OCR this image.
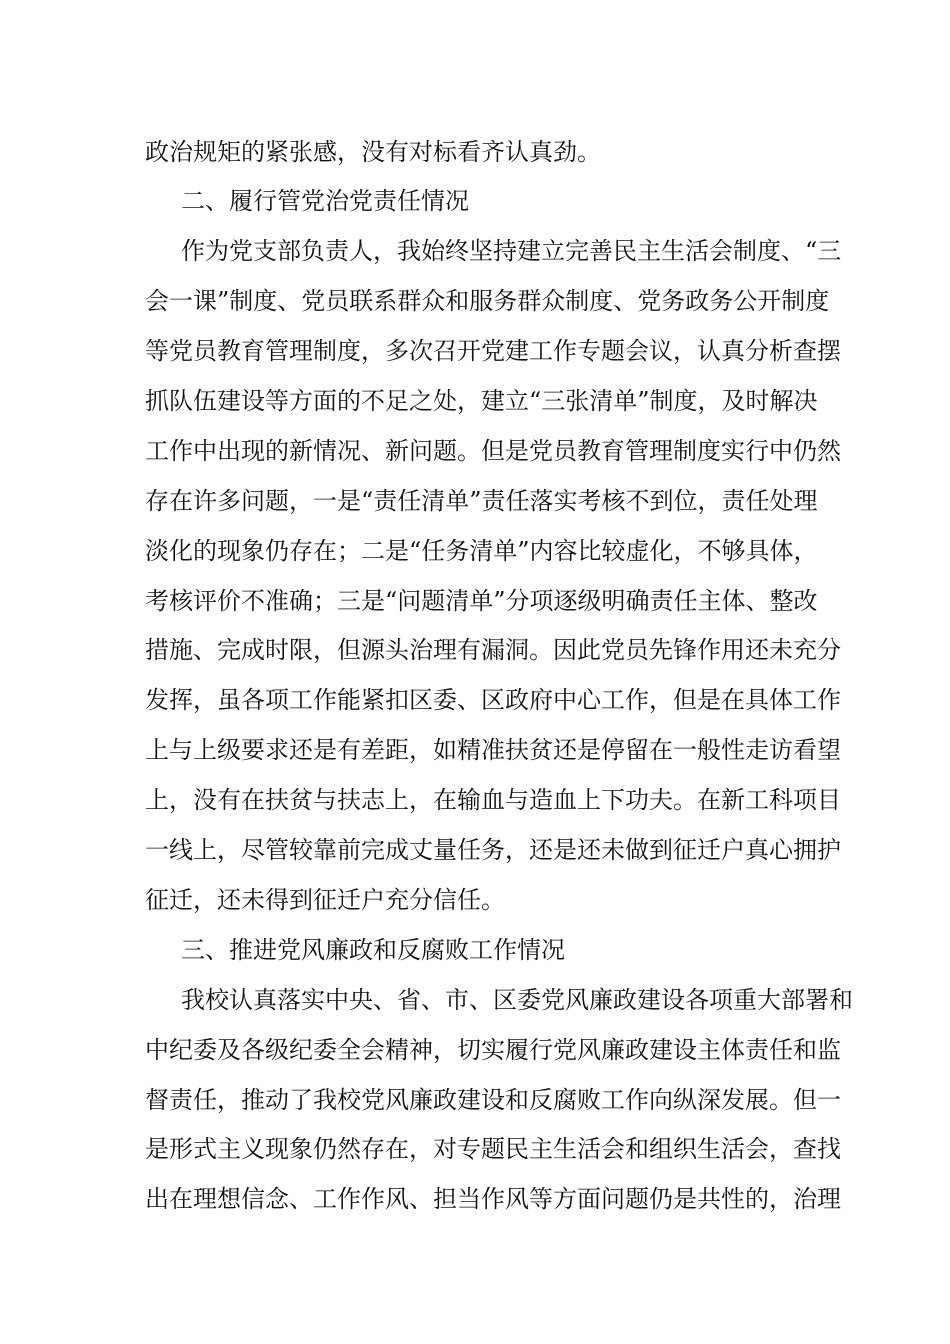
政治规矩的紧张感，没有对标看齐认真劲。
二、履行管党治党责任情况
作为党支部负责人，我始终坚持建立完善民主生活会制度、“三
会一课”制度、党员联系群众和服务群众制度、党务政务公开制度
等党员教育管理制度，多次召开党建工作专题会议，认真分析查摆
抓队伍建设等方面的不足之处，建立“三张清单”制度，及时解决
工作中出现的新情况、新问题。但是党员教育管理制度实行中仍然
存在许多问题，一是“责任清单”责任落实考核不到位，责任处理
淡化的现象仍存在；二是“任务清单”内容比较虚化，不够具体，
考核评价不准确；三是“问题清单”分项逐级明确责任主体、整改
措施、完成时限，但源头治理有漏洞。因此党员先锋作用还未充分
发挥，虽各项工作能紧扣区委、区政府中心工作，但是在具体工作
上与上级要求还是有差距，如精准扶贫还是停留在一般性走访看望
上，没有在扶贫与扶志上，在输血与造血上下功夫。在新工科项目
一线上，尽管较靠前完成丈量任务，还是还未做到征迁户真心拥护
征迁，还未得到征迁户充分信任。
三、推进党风廉政和反腐败工作情况
我校认真落实中央、省、市、区委党风廉政建设各项重大部署和
中纪委及各级纪委全会精神，切实履行党风廉政建设主体责任和监
督责任，推动了我校党风廉政建设和反腐败工作向纵深发展。但一
是形式主义现象仍然存在，对专题民主生活会和组织生活会，查找
出在理想信念、工作作风、担当作风等方面问题仍是共性的，治理
